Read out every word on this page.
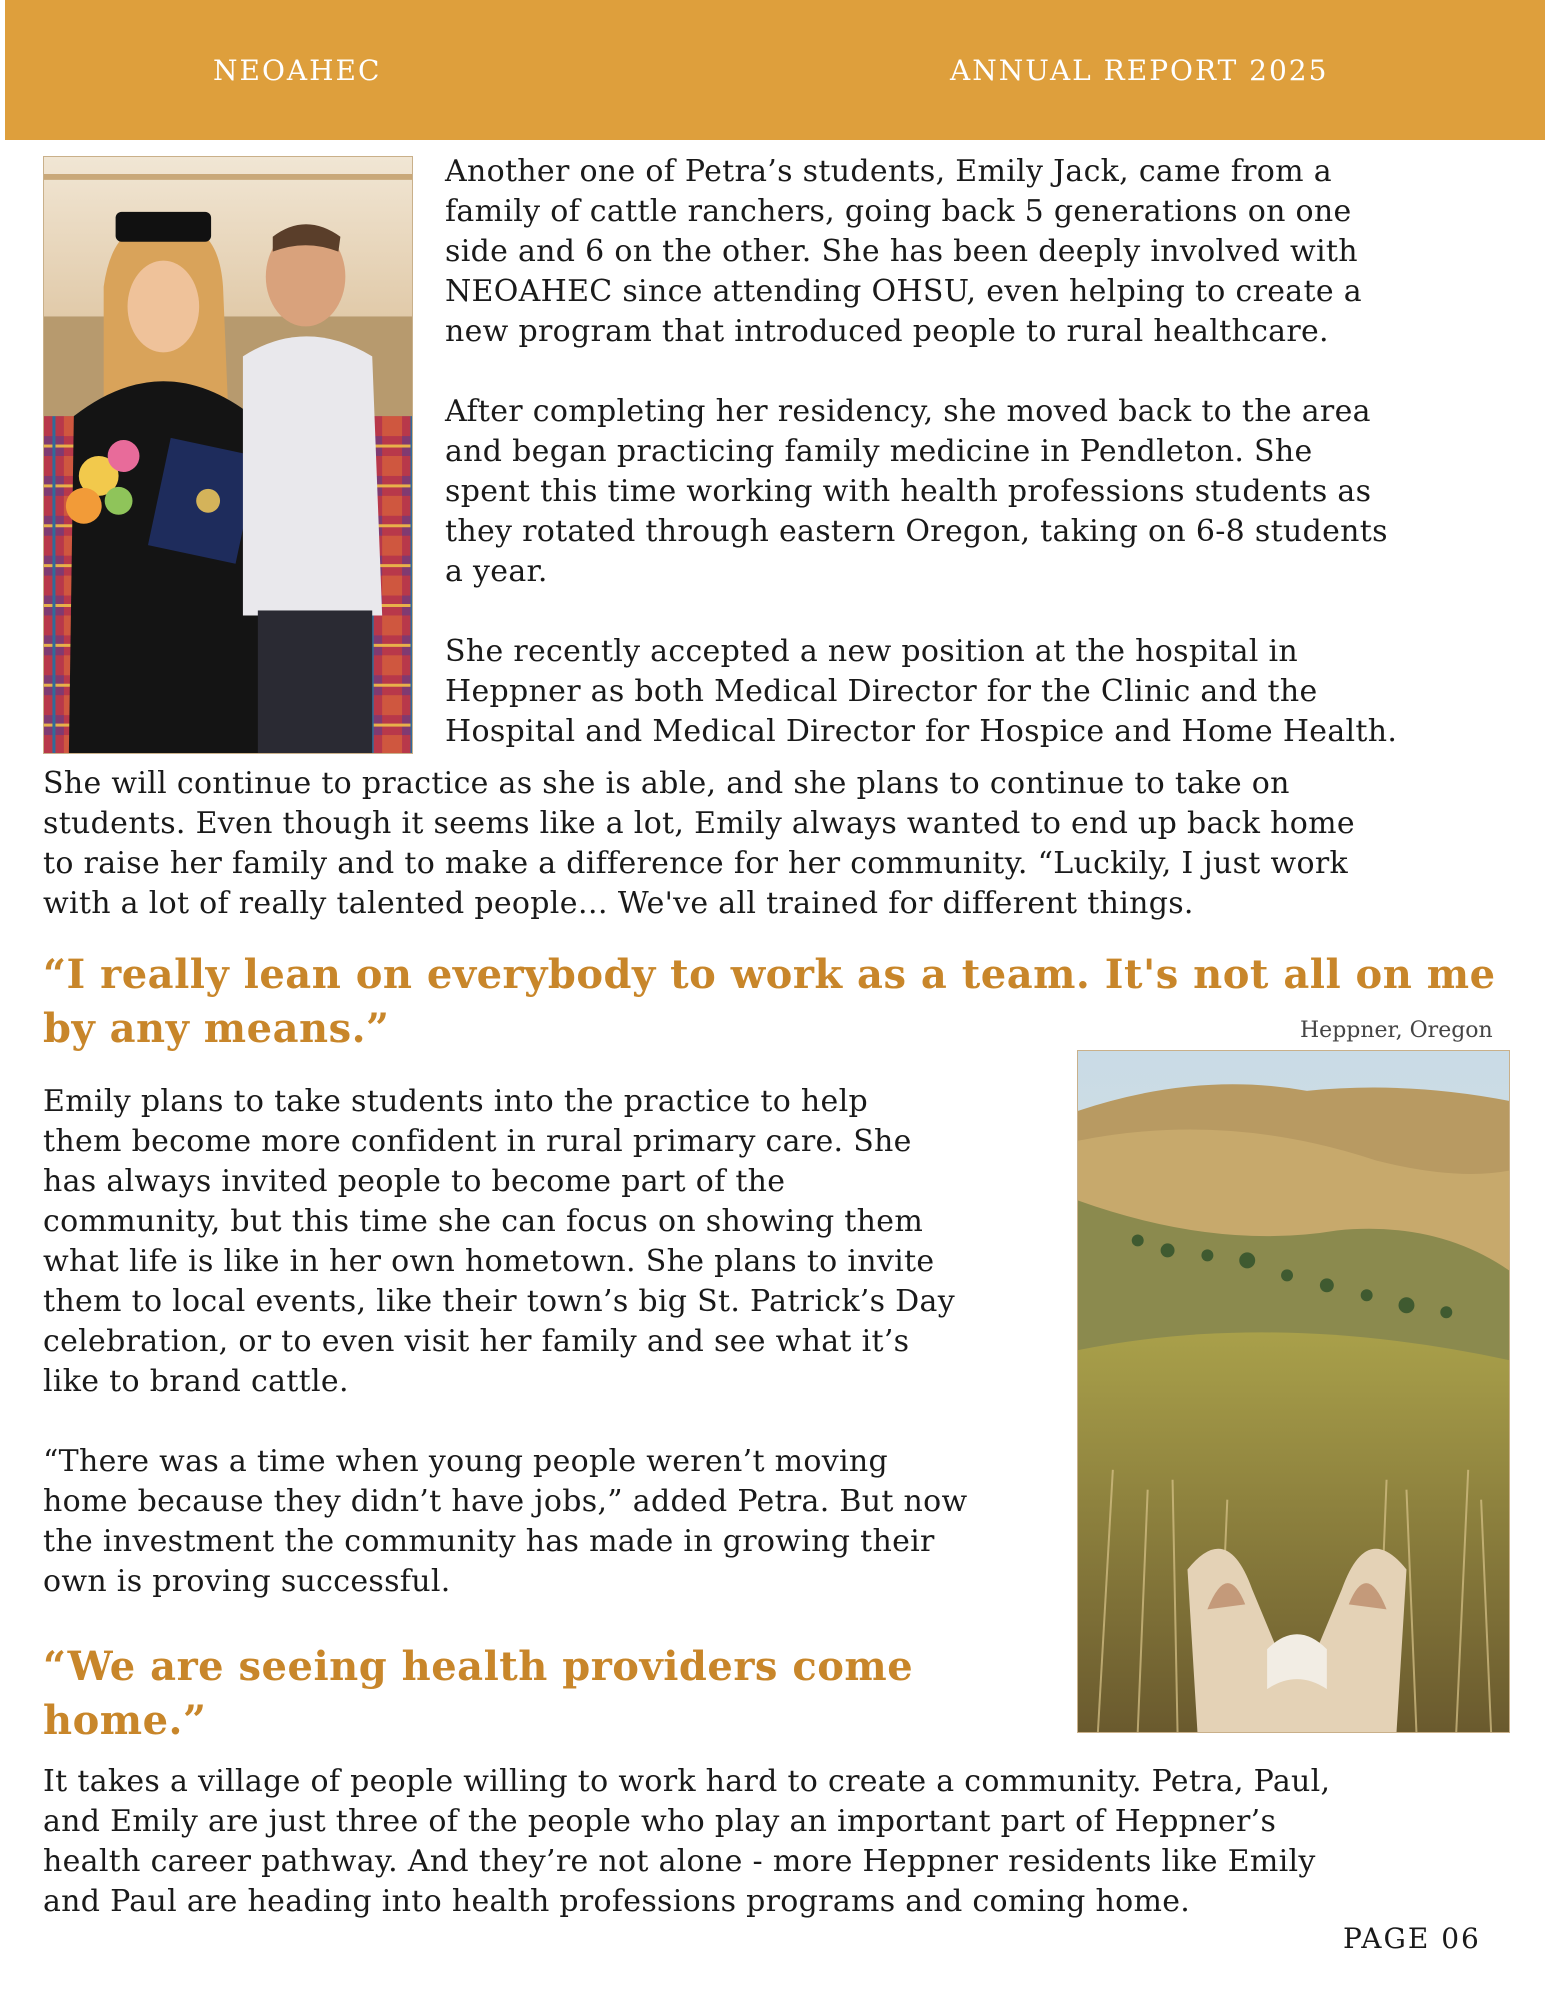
NEOAHEC	ANNUAL REPORT 2025

Another one of Petra’s students, Emily Jack, came from a
family of cattle ranchers, going back 5 generations on one
side and 6 on the other. She has been deeply involved with
NEOAHEC since attending OHSU, even helping to create a
new program that introduced people to rural healthcare.

After completing her residency, she moved back to the area
and began practicing family medicine in Pendleton. She
spent this time working with health professions students as
they rotated through eastern Oregon, taking on 6-8 students
a year.

She recently accepted a new position at the hospital in
Heppner as both Medical Director for the Clinic and the
Hospital and Medical Director for Hospice and Home Health.

She will continue to practice as she is able, and she plans to continue to take on
students. Even though it seems like a lot, Emily always wanted to end up back home
to raise her family and to make a difference for her community. “Luckily, I just work
with a lot of really talented people… We've all trained for different things.

“I really lean on everybody to work as a team. It's not all on me
by any means.”	Heppner, Oregon

Emily plans to take students into the practice to help
them become more confident in rural primary care. She
has always invited people to become part of the
community, but this time she can focus on showing them
what life is like in her own hometown. She plans to invite
them to local events, like their town’s big St. Patrick’s Day
celebration, or to even visit her family and see what it’s
like to brand cattle.

“There was a time when young people weren’t moving
home because they didn’t have jobs,” added Petra. But now
the investment the community has made in growing their
own is proving successful.

“We are seeing health providers come
home.”

It takes a village of people willing to work hard to create a community. Petra, Paul,
and Emily are just three of the people who play an important part of Heppner’s
health career pathway. And they’re not alone - more Heppner residents like Emily
and Paul are heading into health professions programs and coming home.

PAGE 06
